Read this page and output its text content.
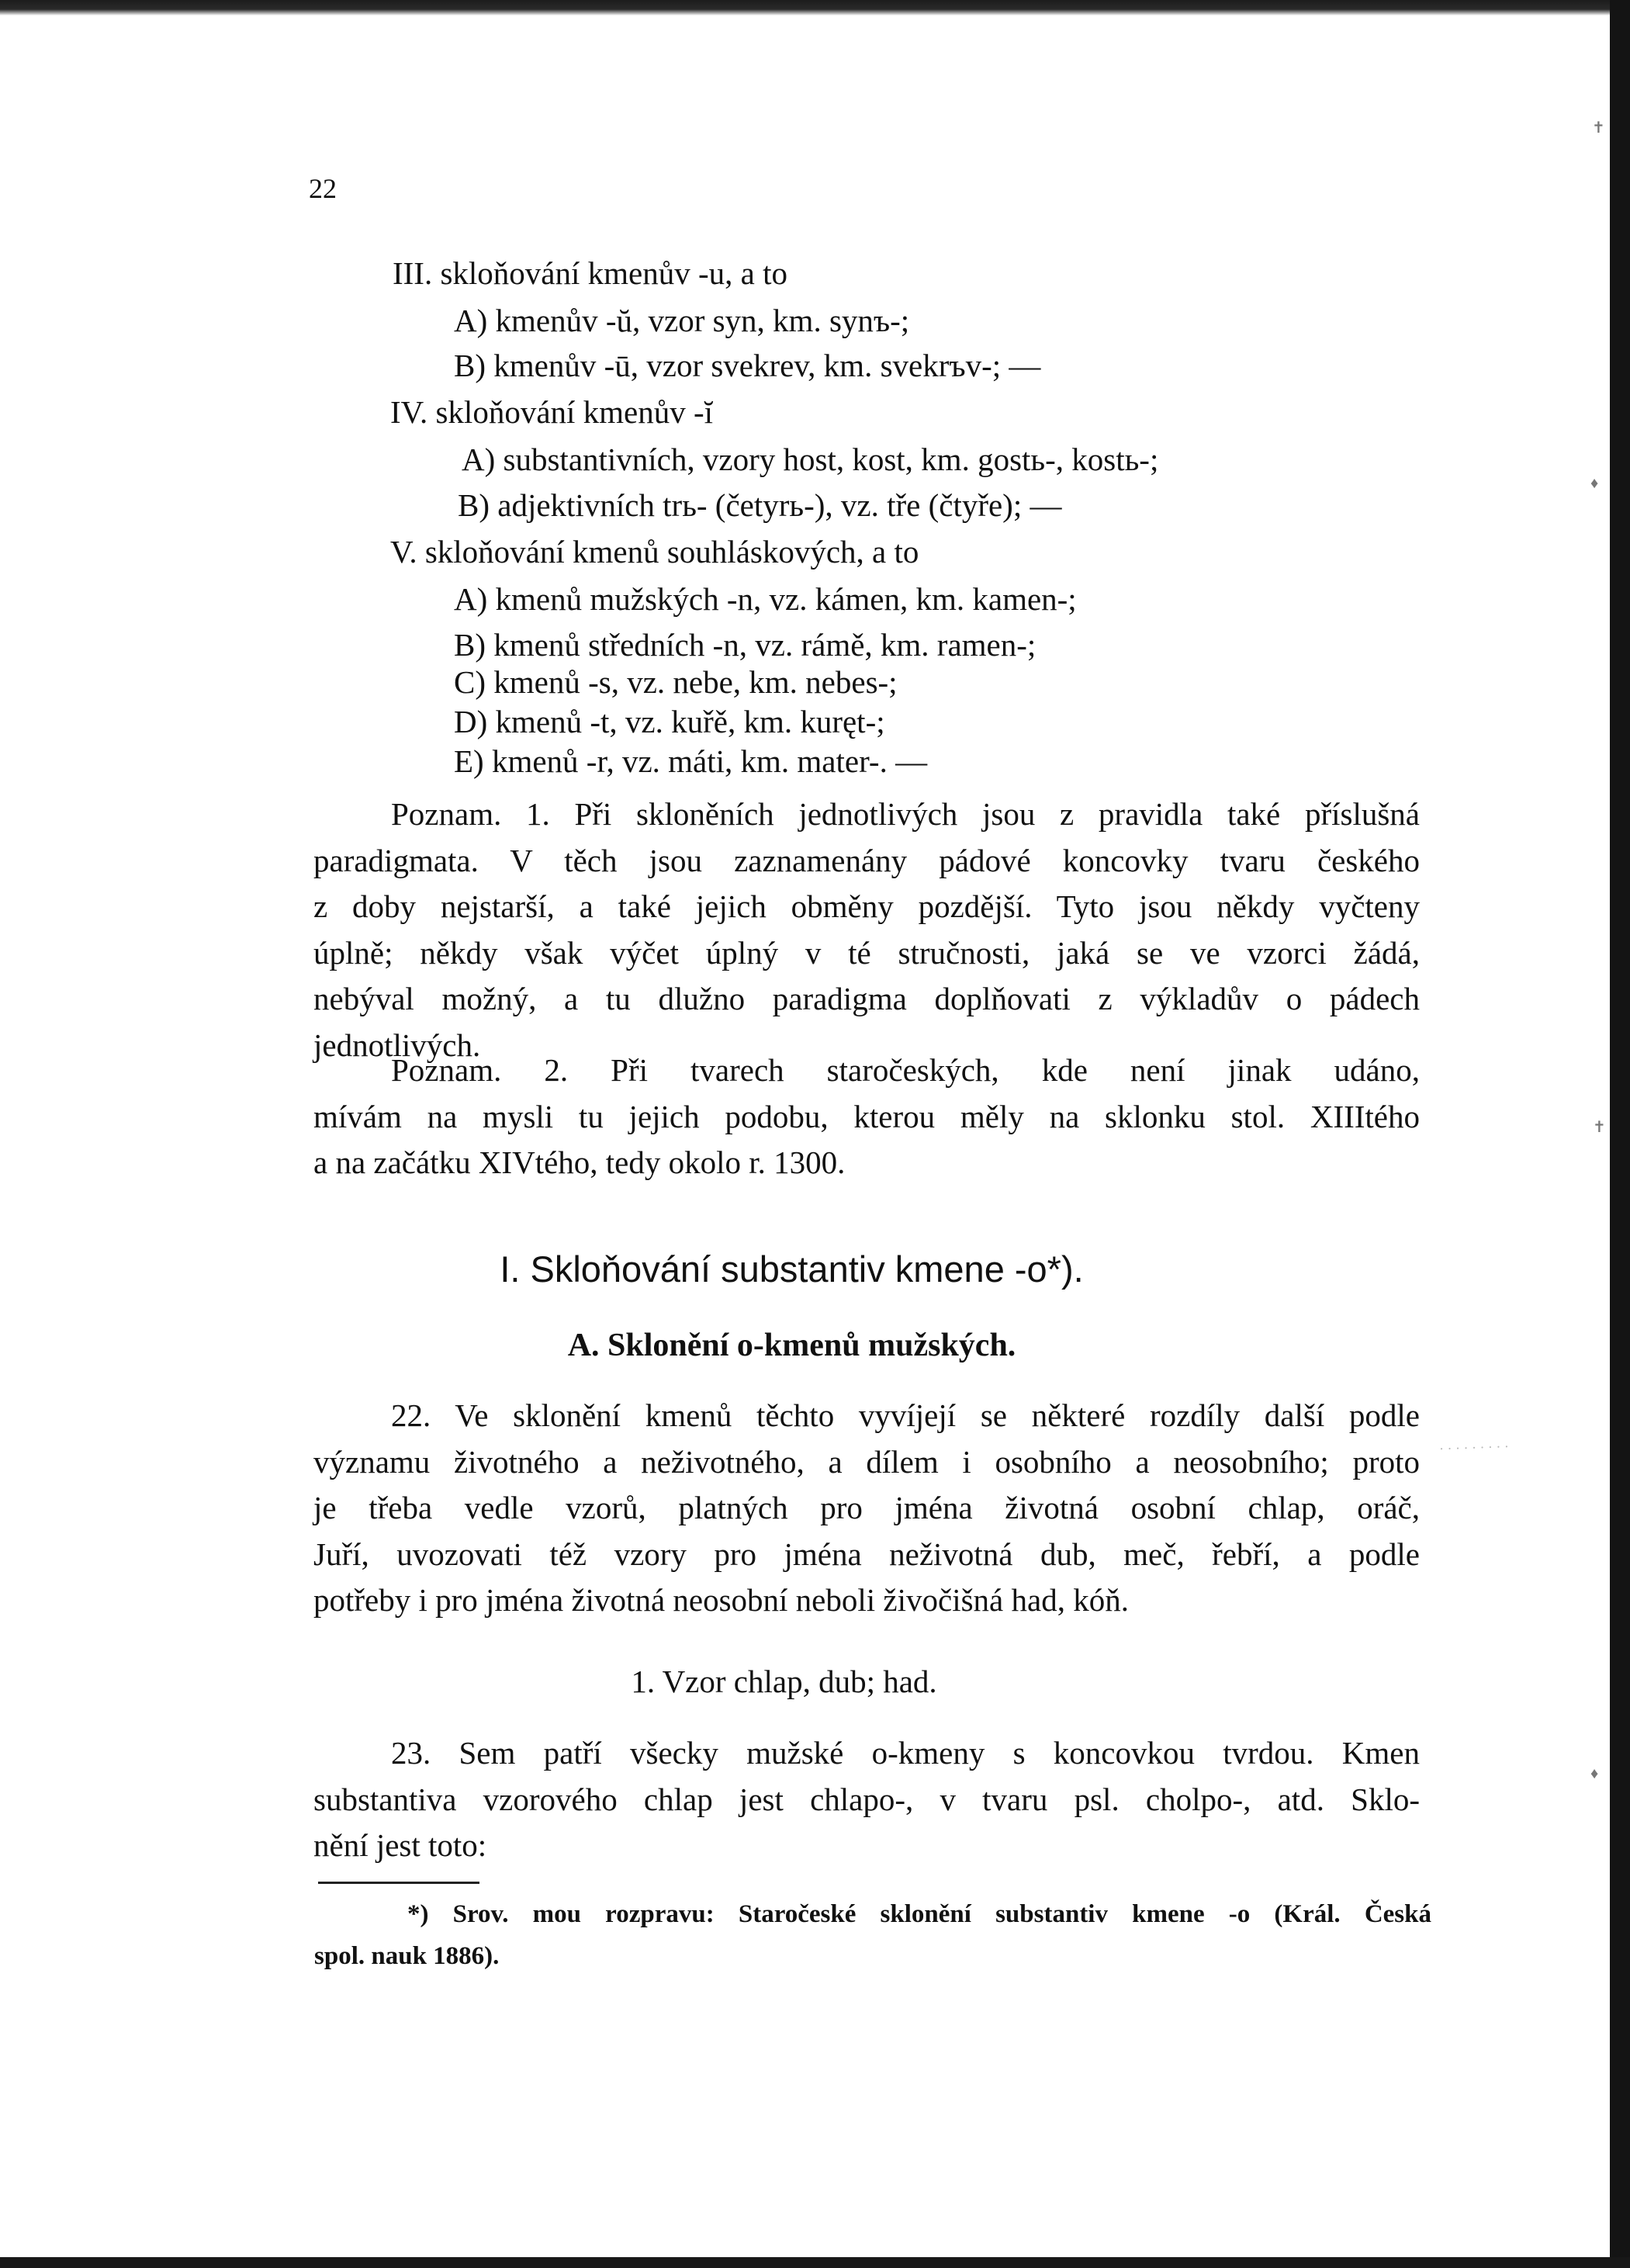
22
III. skloňování kmenův -u, a to
A) kmenův -ŭ, vzor syn, km. synъ-;
B) kmenův -ū, vzor svekrev, km. svekrъv-; —
IV. skloňování kmenův -ĭ
A) substantivních, vzory host, kost, km. gostь-, kostь-;
B) adjektivních trь- (četyrь-), vz. tře (čtyře); —
V. skloňování kmenů souhláskových, a to
A) kmenů mužských -n, vz. kámen, km. kamen-;
B) kmenů středních -n, vz. rámě, km. ramen-;
C) kmenů -s, vz. nebe, km. nebes-;
D) kmenů -t, vz. kuřě, km. kuręt-;
E) kmenů -r, vz. máti, km. mater-. —
Poznam. 1. Při skloněních jednotlivých jsou z pravidla také příslušná
paradigmata. V těch jsou zaznamenány pádové koncovky tvaru českého
z doby nejstarší, a také jejich obměny pozdější. Tyto jsou někdy vyčteny
úplně; někdy však výčet úplný v té stručnosti, jaká se ve vzorci žádá,
nebýval možný, a tu dlužno paradigma doplňovati z výkladův o pádech
jednotlivých.
Poznam. 2. Při tvarech staročeských, kde není jinak udáno,
mívám na mysli tu jejich podobu, kterou měly na sklonku stol. XIIItého
a na začátku XIVtého, tedy okolo r. 1300.
I. Skloňování substantiv kmene -o*).
A. Sklonění o-kmenů mužských.
22. Ve sklonění kmenů těchto vyvíjejí se některé rozdíly další podle
významu životného a neživotného, a dílem i osobního a neosobního; proto
je třeba vedle vzorů, platných pro jména životná osobní chlap, oráč,
Juří, uvozovati též vzory pro jména neživotná dub, meč, řebří, a podle
potřeby i pro jména životná neosobní neboli živočišná had, kóň.
1. Vzor chlap, dub; had.
23. Sem patří všecky mužské o-kmeny s koncovkou tvrdou. Kmen
substantiva vzorového chlap jest chlapo-, v tvaru psl. cholpo-, atd. Sklo-
nění jest toto:
*) Srov. mou rozpravu: Staročeské sklonění substantiv kmene -o (Král. Česká
spol. nauk 1886).
· · · · · · · · ·
✝
♦
✝
♦
